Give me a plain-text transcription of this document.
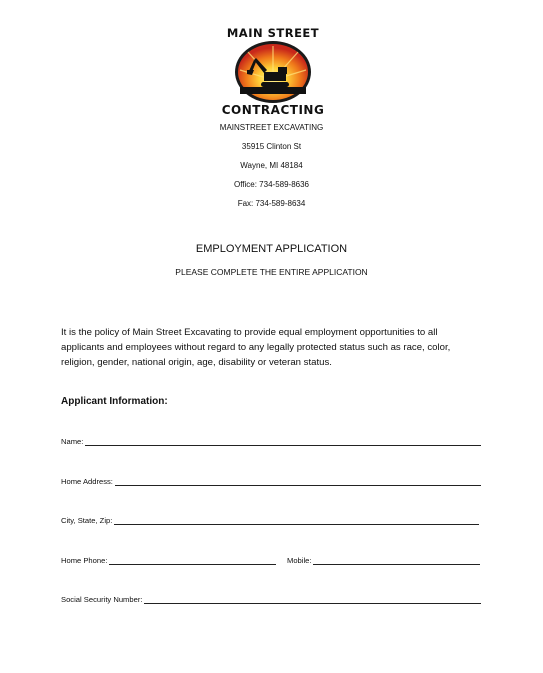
MAIN STREET
CONTRACTING
MAINSTREET EXCAVATING
35915 Clinton St
Wayne, MI 48184
Office: 734-589-8636
Fax: 734-589-8634
EMPLOYMENT APPLICATION
PLEASE COMPLETE THE ENTIRE APPLICATION
It is the policy of Main Street Excavating to provide equal employment opportunities to all applicants and employees without regard to any legally protected status such as race, color, religion, gender, national origin, age, disability or veteran status.
Applicant Information:
Name:
Home Address:
City, State, Zip:
Home Phone:	Mobile:
Social Security Number:
